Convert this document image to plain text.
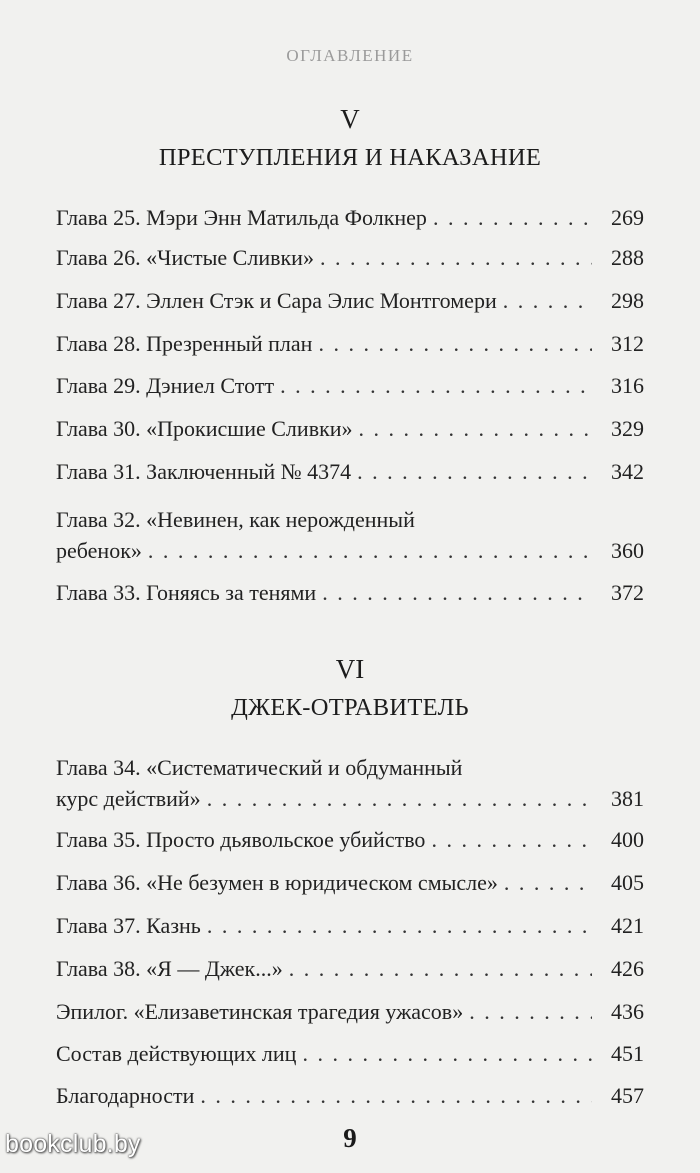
ОГЛАВЛЕНИЕ
V
ПРЕСТУПЛЕНИЯ И НАКАЗАНИЕ
Глава 25. Мэри Энн Матильда Фолкнер . . .	269
Глава 26. «Чистые Сливки» . . .	288
Глава 27. Эллен Стэк и Сара Элис Монтгомери . . .	298
Глава 28. Презренный план . . .	312
Глава 29. Дэниел Стотт . . .	316
Глава 30. «Прокисшие Сливки» . . .	329
Глава 31. Заключенный № 4374 . . .	342
Глава 32. «Невинен, как нерожденный
ребенок» . . .	360
Глава 33. Гоняясь за тенями . . .	372
VI
ДЖЕК-ОТРАВИТЕЛЬ
Глава 34. «Систематический и обдуманный
курс действий» . . .	381
Глава 35. Просто дьявольское убийство . . .	400
Глава 36. «Не безумен в юридическом смысле» . . .	405
Глава 37. Казнь . . .	421
Глава 38. «Я — Джек...» . . .	426
Эпилог. «Елизаветинская трагедия ужасов» . . .	436
Состав действующих лиц . . .	451
Благодарности . . .	457
9
bookclub.by
